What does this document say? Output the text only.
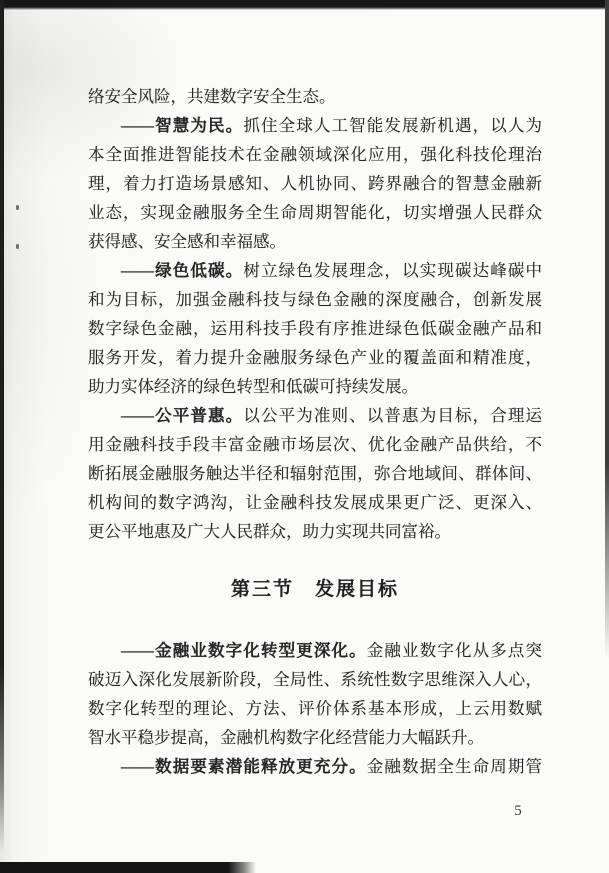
络安全风险，共建数字安全生态。
——智慧为民。抓住全球人工智能发展新机遇，以人为
本全面推进智能技术在金融领域深化应用，强化科技伦理治
理，着力打造场景感知、人机协同、跨界融合的智慧金融新
业态，实现金融服务全生命周期智能化，切实增强人民群众
获得感、安全感和幸福感。
——绿色低碳。树立绿色发展理念，以实现碳达峰碳中
和为目标，加强金融科技与绿色金融的深度融合，创新发展
数字绿色金融，运用科技手段有序推进绿色低碳金融产品和
服务开发，着力提升金融服务绿色产业的覆盖面和精准度，
助力实体经济的绿色转型和低碳可持续发展。
——公平普惠。以公平为准则、以普惠为目标，合理运
用金融科技手段丰富金融市场层次、优化金融产品供给，不
断拓展金融服务触达半径和辐射范围，弥合地域间、群体间、
机构间的数字鸿沟，让金融科技发展成果更广泛、更深入、
更公平地惠及广大人民群众，助力实现共同富裕。
第三节　发展目标
——金融业数字化转型更深化。金融业数字化从多点突
破迈入深化发展新阶段，全局性、系统性数字思维深入人心，
数字化转型的理论、方法、评价体系基本形成，上云用数赋
智水平稳步提高，金融机构数字化经营能力大幅跃升。
——数据要素潜能释放更充分。金融数据全生命周期管
5
